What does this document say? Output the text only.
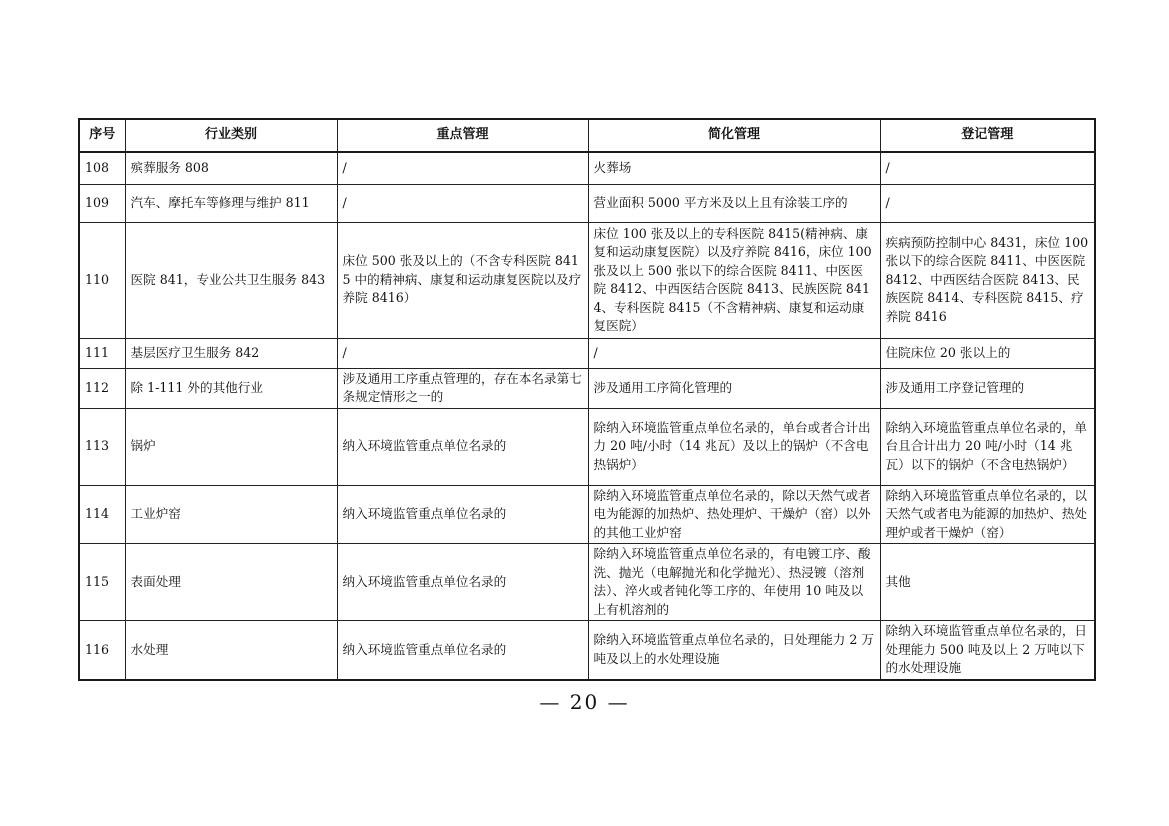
序号	行业类别	重点管理	简化管理	登记管理
108	殡葬服务 808	/	火葬场	/
109	汽车、摩托车等修理与维护 811	/	营业面积 5000 平方米及以上且有涂装工序的	/
110	医院 841，专业公共卫生服务 843	床位 500 张及以上的（不含专科医院 8415 中的精神病、康复和运动康复医院以及疗养院 8416）	床位 100 张及以上的专科医院 8415(精神病、康复和运动康复医院）以及疗养院 8416，床位 100 张及以上 500 张以下的综合医院 8411、中医医院 8412、中西医结合医院 8413、民族医院 8414、专科医院 8415（不含精神病、康复和运动康复医院）	疾病预防控制中心 8431，床位 100 张以下的综合医院 8411、中医医院 8412、中西医结合医院 8413、民族医院 8414、专科医院 8415、疗养院 8416
111	基层医疗卫生服务 842	/	/	住院床位 20 张以上的
112	除 1-111 外的其他行业	涉及通用工序重点管理的，存在本名录第七条规定情形之一的	涉及通用工序简化管理的	涉及通用工序登记管理的
113	锅炉	纳入环境监管重点单位名录的	除纳入环境监管重点单位名录的，单台或者合计出力 20 吨/小时（14 兆瓦）及以上的锅炉（不含电热锅炉）	除纳入环境监管重点单位名录的，单台且合计出力 20 吨/小时（14 兆瓦）以下的锅炉（不含电热锅炉）
114	工业炉窑	纳入环境监管重点单位名录的	除纳入环境监管重点单位名录的，除以天然气或者电为能源的加热炉、热处理炉、干燥炉（窑）以外的其他工业炉窑	除纳入环境监管重点单位名录的，以天然气或者电为能源的加热炉、热处理炉或者干燥炉（窑）
115	表面处理	纳入环境监管重点单位名录的	除纳入环境监管重点单位名录的，有电镀工序、酸洗、抛光（电解抛光和化学抛光）、热浸镀（溶剂法）、淬火或者钝化等工序的、年使用 10 吨及以上有机溶剂的	其他
116	水处理	纳入环境监管重点单位名录的	除纳入环境监管重点单位名录的，日处理能力 2 万吨及以上的水处理设施	除纳入环境监管重点单位名录的，日处理能力 500 吨及以上 2 万吨以下的水处理设施
— 20 —
